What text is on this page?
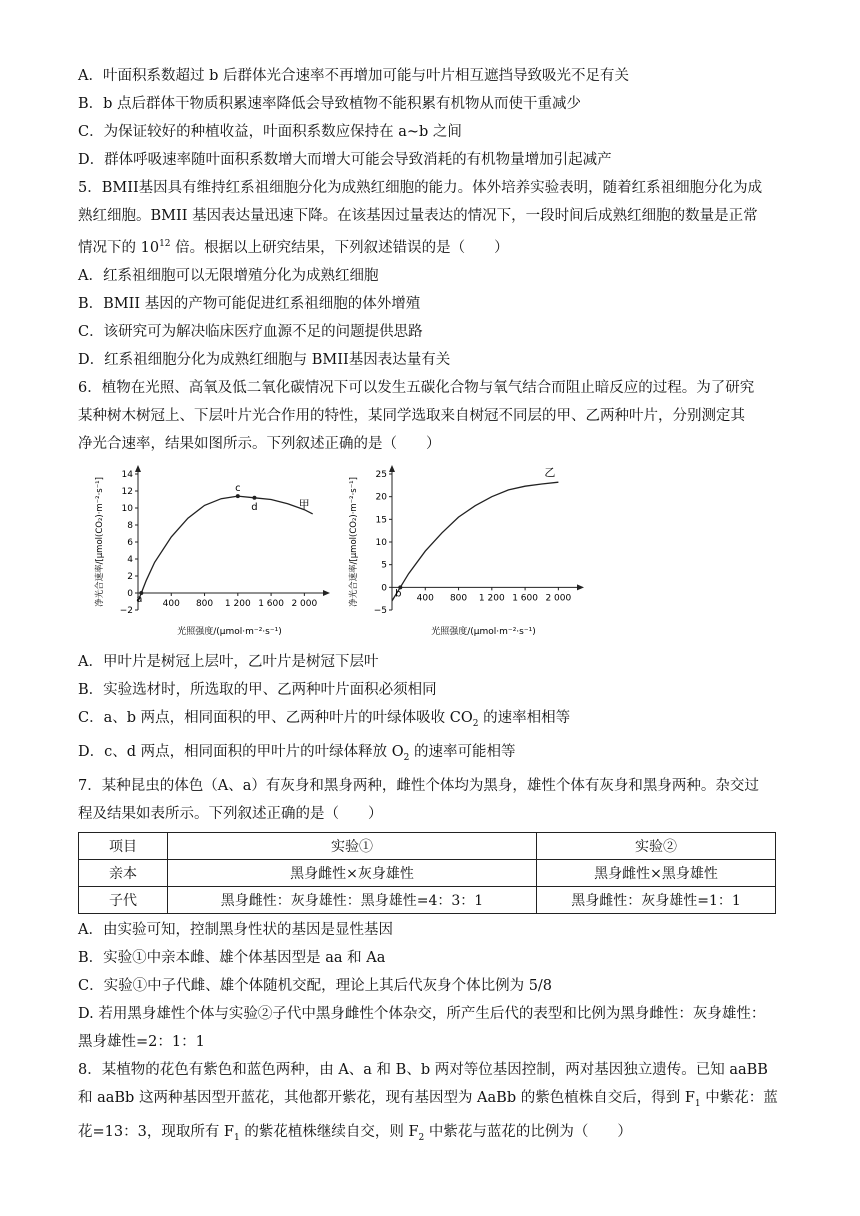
A．叶面积系数超过 b 后群体光合速率不再增加可能与叶片相互遮挡导致吸光不足有关

B．b 点后群体干物质积累速率降低会导致植物不能积累有机物从而使干重减少

C．为保证较好的种植收益，叶面积系数应保持在 a~b 之间

D．群体呼吸速率随叶面积系数增大而增大可能会导致消耗的有机物量增加引起减产

5．BMII基因具有维持红系祖细胞分化为成熟红细胞的能力。体外培养实验表明，随着红系祖细胞分化为成

熟红细胞。BMII 基因表达量迅速下降。在该基因过量表达的情况下，一段时间后成熟红细胞的数量是正常

情况下的 $10^{12}$ 倍。根据以上研究结果，下列叙述错误的是（　　）

A．红系祖细胞可以无限增殖分化为成熟红细胞

B．BMII 基因的产物可能促进红系祖细胞的体外增殖

C．该研究可为解决临床医疗血源不足的问题提供思路

D．红系祖细胞分化为成熟红细胞与 BMII基因表达量有关

6．植物在光照、高氧及低二氧化碳情况下可以发生五碳化合物与氧气结合而阻止暗反应的过程。为了研究

某种树木树冠上、下层叶片光合作用的特性，某同学选取来自树冠不同层的甲、乙两种叶片，分别测定其

净光合速率，结果如图所示。下列叙述正确的是（　　）

−2
0
2
4
6
8
10
12
14
400 800 1 200 1 600 2 000
净光合速率/[μmol(CO₂)·m⁻²·s⁻¹]
光照强度/(μmol·m⁻²·s⁻¹)
甲
a
c
d
−5
0
5
10
15
20
25
400 800 1 200 1 600 2 000
净光合速率/[μmol(CO₂)·m⁻²·s⁻¹]
光照强度/(μmol·m⁻²·s⁻¹)
乙
b

A．甲叶片是树冠上层叶，乙叶片是树冠下层叶

B．实验选材时，所选取的甲、乙两种叶片面积必须相同

C．a、b 两点，相同面积的甲、乙两种叶片的叶绿体吸收 $CO_2$ 的速率相相等

D．c、d 两点，相同面积的甲叶片的叶绿体释放 $O_2$ 的速率可能相等

7．某种昆虫的体色（A、a）有灰身和黑身两种，雌性个体均为黑身，雄性个体有灰身和黑身两种。杂交过

程及结果如表所示。下列叙述正确的是（　　）

项目	实验①	实验②
亲本	黑身雌性×灰身雄性	黑身雌性×黑身雄性
子代	黑身雌性：灰身雄性：黑身雄性=4：3：1	黑身雌性：灰身雄性=1：1

A．由实验可知，控制黑身性状的基因是显性基因

B．实验①中亲本雌、雄个体基因型是 aa 和 Aa

C．实验①中子代雌、雄个体随机交配，理论上其后代灰身个体比例为 5/8

D. 若用黑身雄性个体与实验②子代中黑身雌性个体杂交，所产生后代的表型和比例为黑身雌性：灰身雄性：

黑身雄性=2：1：1

8．某植物的花色有紫色和蓝色两种，由 A、a 和 B、b 两对等位基因控制，两对基因独立遗传。已知 aaBB

和 aaBb 这两种基因型开蓝花，其他都开紫花，现有基因型为 AaBb 的紫色植株自交后，得到 $F_1$ 中紫花：蓝

花=13：3，现取所有 $F_1$ 的紫花植株继续自交，则 $F_2$ 中紫花与蓝花的比例为（　　）
